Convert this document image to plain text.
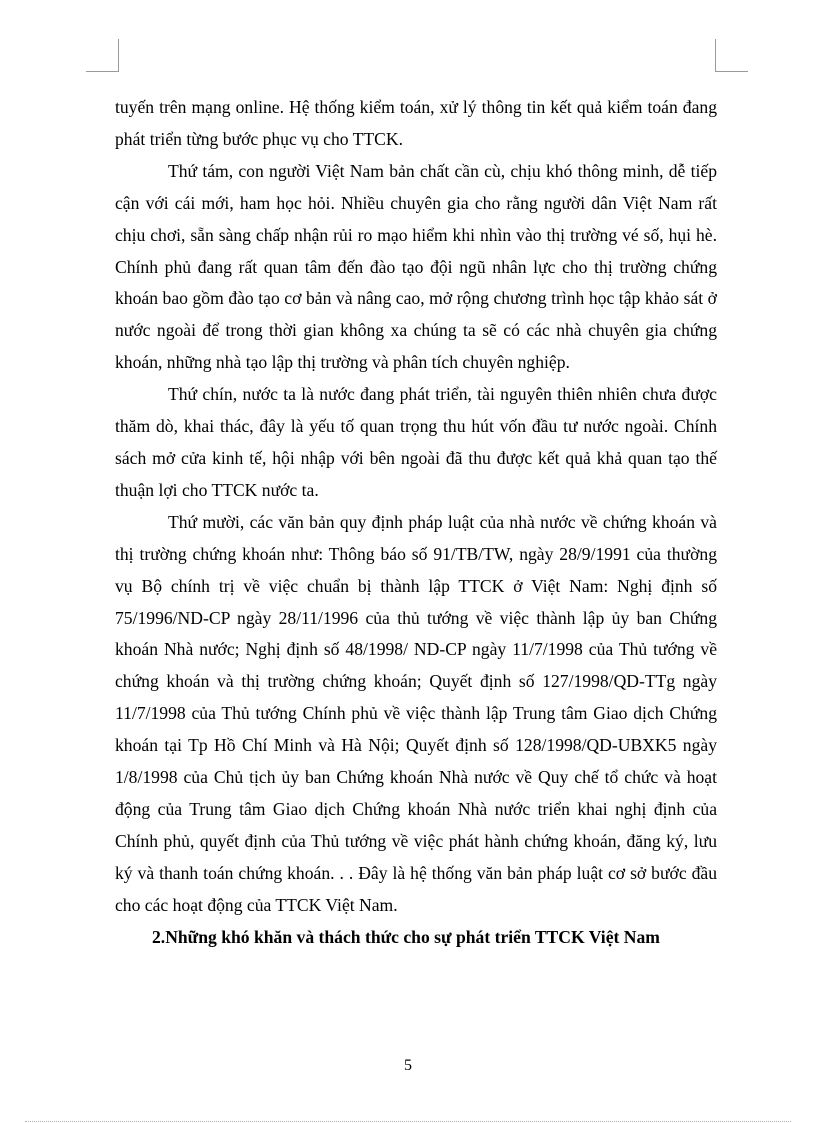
tuyến trên mạng online. Hệ thống kiểm toán, xử lý thông tin kết quả kiểm toán đang phát triển từng bước phục vụ cho TTCK.

Thứ tám, con người Việt Nam bản chất cần cù, chịu khó thông minh, dễ tiếp cận với cái mới, ham học hỏi. Nhiều chuyên gia cho rằng người dân Việt Nam rất chịu chơi, sẵn sàng chấp nhận rủi ro mạo hiểm khi nhìn vào thị trường vé số, hụi hè. Chính phủ đang rất quan tâm đến đào tạo đội ngũ nhân lực cho thị trường chứng khoán bao gồm đào tạo cơ bản và nâng cao, mở rộng chương trình học tập khảo sát ở nước ngoài để trong thời gian không xa chúng ta sẽ có các nhà chuyên gia chứng khoán, những nhà tạo lập thị trường và phân tích chuyên nghiệp.

Thứ chín, nước ta là nước đang phát triển, tài nguyên thiên nhiên chưa được thăm dò, khai thác, đây là yếu tố quan trọng thu hút vốn đầu tư nước ngoài. Chính sách mở cửa kinh tế, hội nhập với bên ngoài đã thu được kết quả khả quan tạo thế thuận lợi cho TTCK nước ta.

Thứ mười, các văn bản quy định pháp luật của nhà nước về chứng khoán và thị trường chứng khoán như: Thông báo số 91/TB/TW, ngày 28/9/1991 của thường vụ Bộ chính trị về việc chuẩn bị thành lập TTCK ở Việt Nam: Nghị định số 75/1996/ND-CP ngày 28/11/1996 của thủ tướng về việc thành lập ủy ban Chứng khoán Nhà nước; Nghị định số 48/1998/ ND-CP ngày 11/7/1998 của Thủ tướng về chứng khoán và thị trường chứng khoán; Quyết định số 127/1998/QD-TTg ngày 11/7/1998 của Thủ tướng Chính phủ về việc thành lập Trung tâm Giao dịch Chứng khoán tại Tp Hồ Chí Minh và Hà Nội; Quyết định số 128/1998/QD-UBXK5 ngày 1/8/1998 của Chủ tịch ủy ban Chứng khoán Nhà nước về Quy chế tổ chức và hoạt động của Trung tâm Giao dịch Chứng khoán Nhà nước triển khai nghị định của Chính phủ, quyết định của Thủ tướng về việc phát hành chứng khoán, đăng ký, lưu ký và thanh toán chứng khoán. . . Đây là hệ thống văn bản pháp luật cơ sở bước đầu cho các hoạt động của TTCK Việt Nam.

2.Những khó khăn và thách thức cho sự phát triển TTCK Việt Nam

5
